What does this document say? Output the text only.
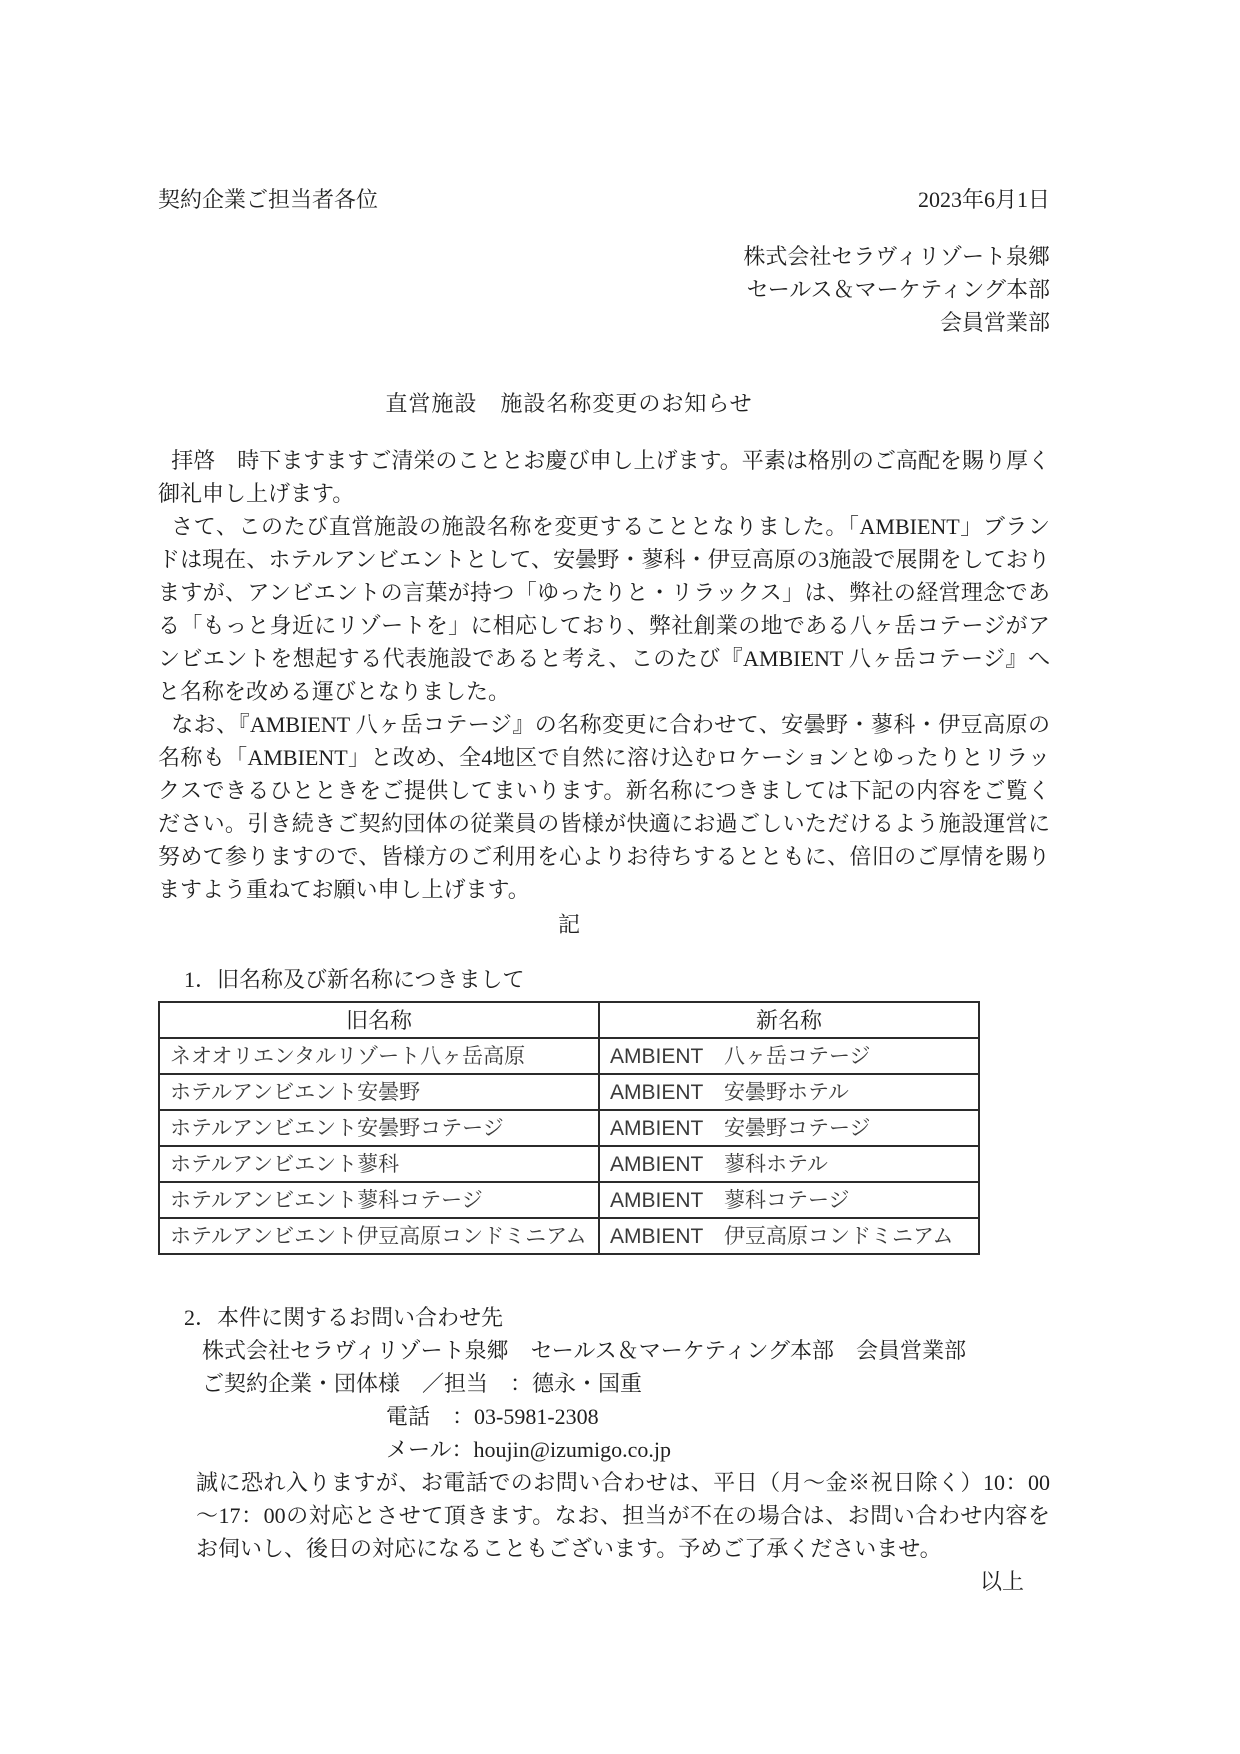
契約企業ご担当者各位	2023年6月1日
株式会社セラヴィリゾート泉郷
セールス＆マーケティング本部
会員営業部
直営施設　施設名称変更のお知らせ

拝啓　時下ますますご清栄のこととお慶び申し上げます。平素は格別のご高配を賜り厚く御礼申し上げます。

さて、このたび直営施設の施設名称を変更することとなりました。「AMBIENT」ブランドは現在、ホテルアンビエントとして、安曇野・蓼科・伊豆高原の3施設で展開をしておりますが、アンビエントの言葉が持つ「ゆったりと・リラックス」は、弊社の経営理念である「もっと身近にリゾートを」に相応しており、弊社創業の地である八ヶ岳コテージがアンビエントを想起する代表施設であると考え、このたび『AMBIENT 八ヶ岳コテージ』へと名称を改める運びとなりました。

なお、『AMBIENT 八ヶ岳コテージ』の名称変更に合わせて、安曇野・蓼科・伊豆高原の名称も「AMBIENT」と改め、全4地区で自然に溶け込むロケーションとゆったりとリラックスできるひとときをご提供してまいります。新名称につきましては下記の内容をご覧ください。引き続きご契約団体の従業員の皆様が快適にお過ごしいただけるよう施設運営に努めて参りますので、皆様方のご利用を心よりお待ちするとともに、倍旧のご厚情を賜りますよう重ねてお願い申し上げます。

記
1．旧名称及び新名称につきまして
旧名称	新名称
ネオオリエンタルリゾート八ヶ岳高原	AMBIENT　八ヶ岳コテージ
ホテルアンビエント安曇野	AMBIENT　安曇野ホテル
ホテルアンビエント安曇野コテージ	AMBIENT　安曇野コテージ
ホテルアンビエント蓼科	AMBIENT　蓼科ホテル
ホテルアンビエント蓼科コテージ	AMBIENT　蓼科コテージ
ホテルアンビエント伊豆高原コンドミニアム	AMBIENT　伊豆高原コンドミニアム
2．本件に関するお問い合わせ先
株式会社セラヴィリゾート泉郷　セールス＆マーケティング本部　会員営業部
ご契約企業・団体様　／担当　：德永・国重
電話　：03-5981-2308
メール：houjin@izumigo.co.jp

誠に恐れ入りますが、お電話でのお問い合わせは、平日（月～金※祝日除く）10：00～17：00の対応とさせて頂きます。なお、担当が不在の場合は、お問い合わせ内容をお伺いし、後日の対応になることもございます。予めご了承くださいませ。

以上
